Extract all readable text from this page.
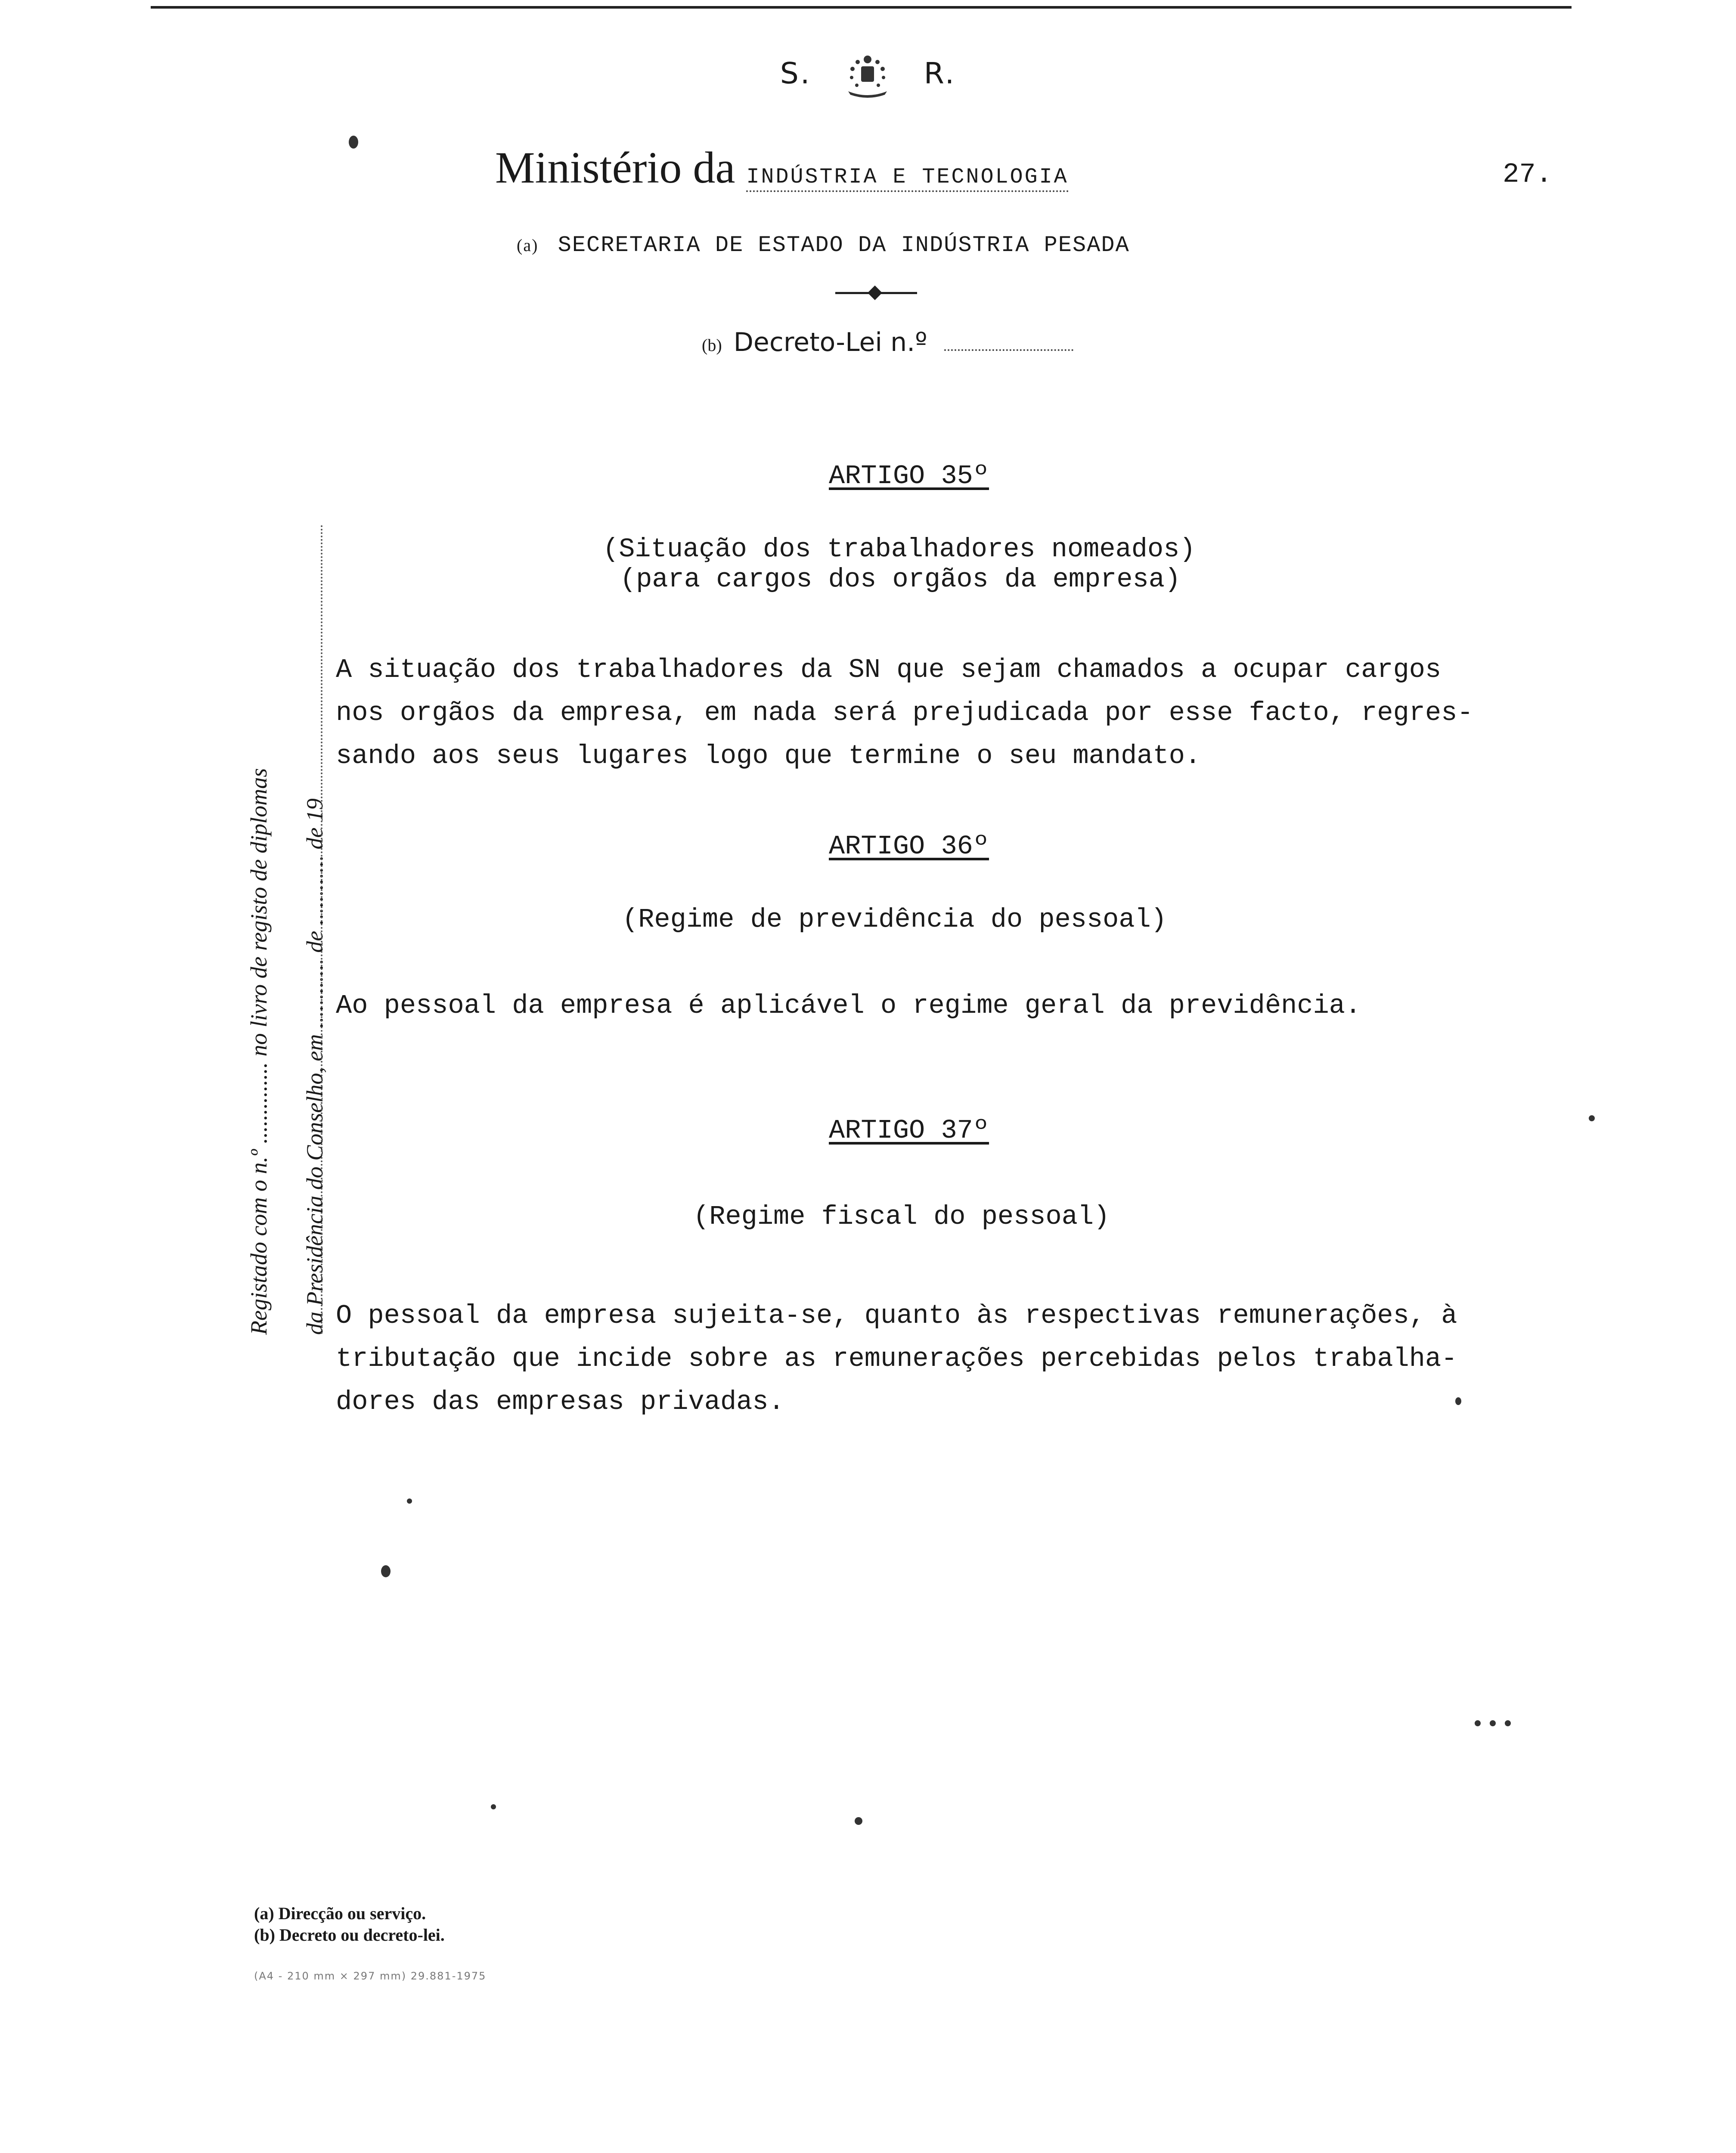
S.	R.
Ministério da INDÚSTRIA E TECNOLOGIA	27.
(a) SECRETARIA DE ESTADO DA INDÚSTRIA PESADA
(b) Decreto-Lei n.º
Registado com o n.º .............. no livro de registo de diplomas da Presidência do Conselho, em ............ de ............ de 19
ARTIGO 35º
(Situação dos trabalhadores nomeados)
(para cargos dos orgãos da empresa)
A situação dos trabalhadores da SN que sejam chamados a ocupar cargos
nos orgãos da empresa, em nada será prejudicada por esse facto, regres-
sando aos seus lugares logo que termine o seu mandato.
ARTIGO 36º
(Regime de previdência do pessoal)
Ao pessoal da empresa é aplicável o regime geral da previdência.
ARTIGO 37º
(Regime fiscal do pessoal)
O pessoal da empresa sujeita-se, quanto às respectivas remunerações, à
tributação que incide sobre as remunerações percebidas pelos trabalha-
dores das empresas privadas.
(a) Direcção ou serviço.
(b) Decreto ou decreto-lei.
(A4 - 210 mm × 297 mm) 29.881-1975
